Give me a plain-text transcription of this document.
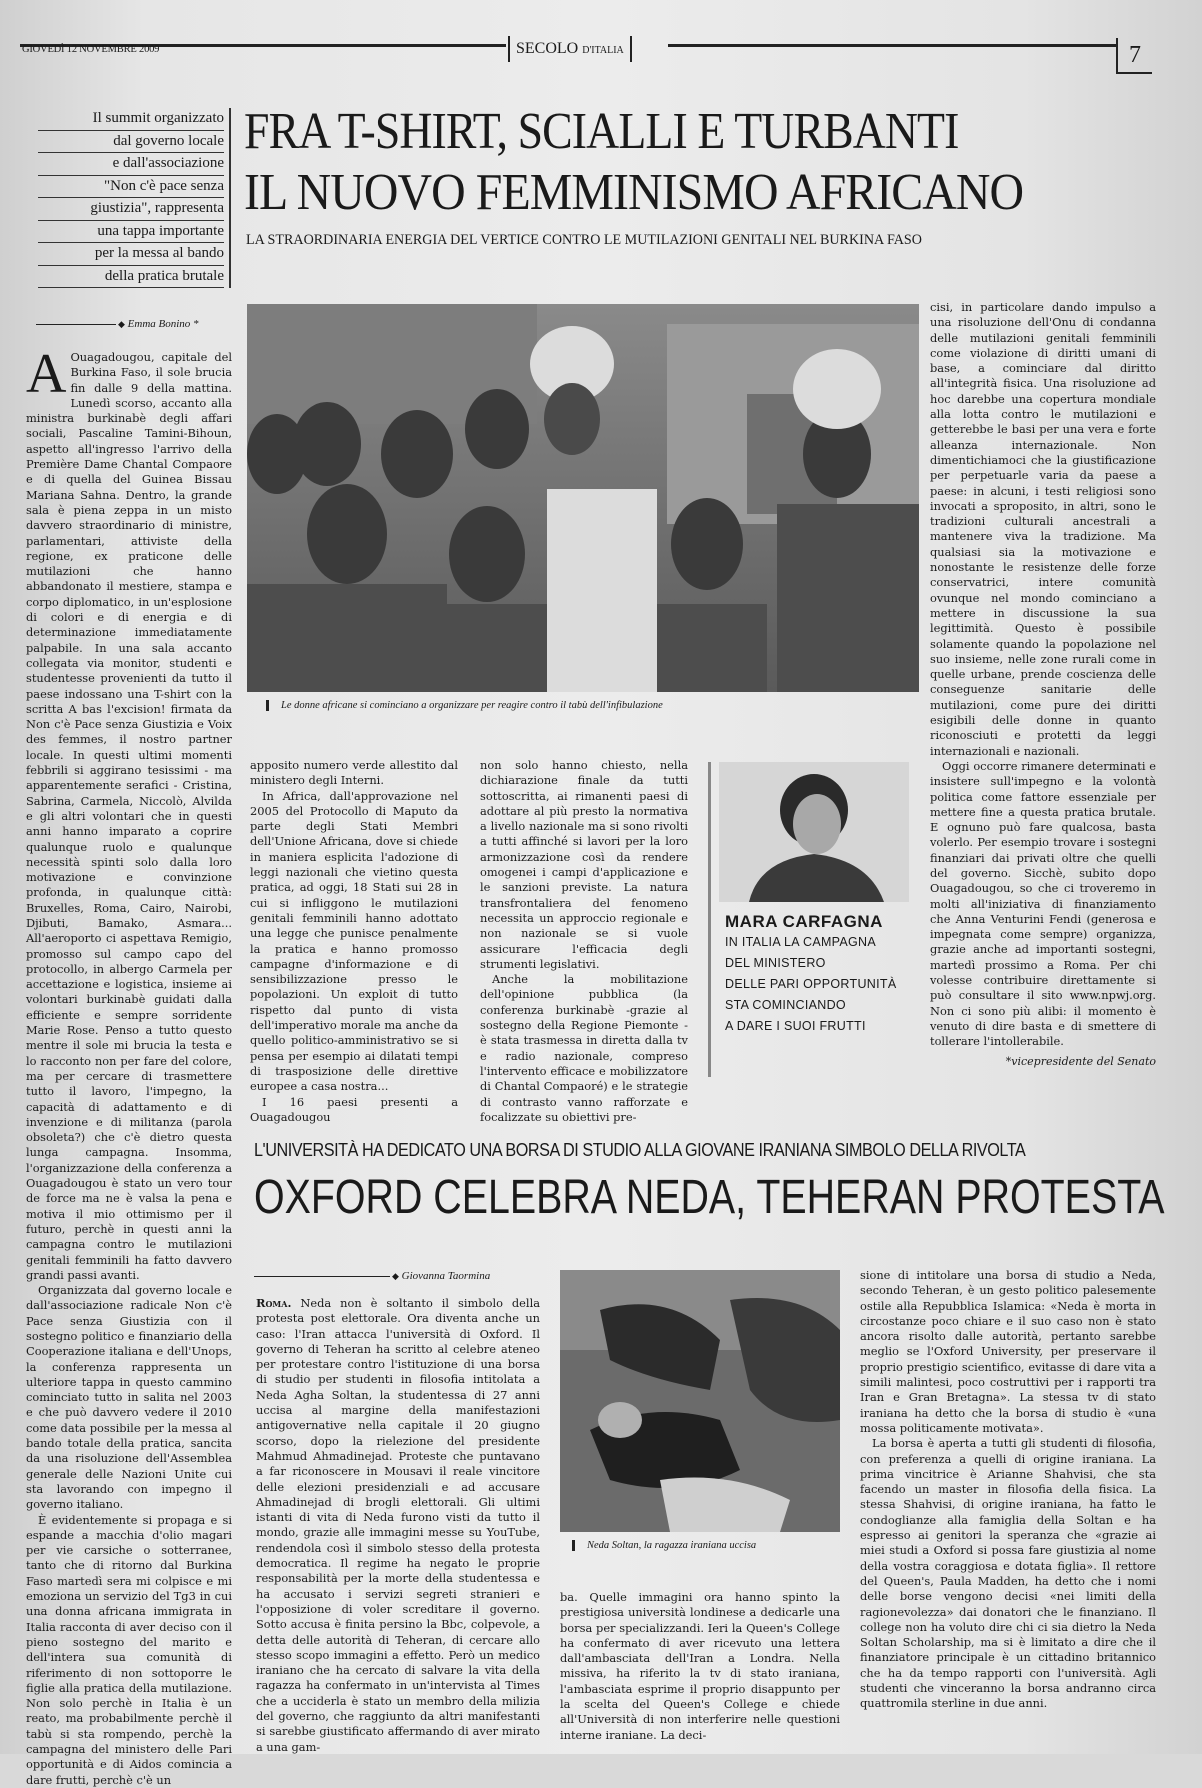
GIOVEDÌ 12 NOVEMBRE 2009	SECOLO D'ITALIA	7
Il summit organizzato
dal governo locale
e dall'associazione
"Non c'è pace senza
giustizia", rappresenta
una tappa importante
per la messa al bando
della pratica brutale
◆ Emma Bonino *
FRA T-SHIRT, SCIALLI E TURBANTI
IL NUOVO FEMMINISMO AFRICANO
LA STRAORDINARIA ENERGIA DEL VERTICE CONTRO LE MUTILAZIONI GENITALI NEL BURKINA FASO
Le donne africane si cominciano a organizzare per reagire contro il tabù dell'infibulazione

A Ouagadougou, capitale del Burkina Faso, il sole brucia fin dalle 9 della mattina. Lunedì scorso, accanto alla ministra burkinabè degli affari sociali, Pascaline Tamini-Bihoun, aspetto all'ingresso l'arrivo della Première Dame Chantal Compaore e di quella del Guinea Bissau Mariana Sahna. Dentro, la grande sala è piena zeppa in un misto davvero straordinario di ministre, parlamentari, attiviste della regione, ex praticone delle mutilazioni che hanno abbandonato il mestiere, stampa e corpo diplomatico, in un'esplosione di colori e di energia e di determinazione immediatamente palpabile. In una sala accanto collegata via monitor, studenti e studentesse provenienti da tutto il paese indossano una T-shirt con la scritta A bas l'excision! firmata da Non c'è Pace senza Giustizia e Voix des femmes, il nostro partner locale. In questi ultimi momenti febbrili si aggirano tesissimi - ma apparentemente serafici - Cristina, Sabrina, Carmela, Niccolò, Alvilda e gli altri volontari che in questi anni hanno imparato a coprire qualunque ruolo e qualunque necessità spinti solo dalla loro motivazione e convinzione profonda, in qualunque città: Bruxelles, Roma, Cairo, Nairobi, Djibuti, Bamako, Asmara... All'aeroporto ci aspettava Remigio, promosso sul campo capo del protocollo, in albergo Carmela per accettazione e logistica, insieme ai volontari burkinabè guidati dalla efficiente e sempre sorridente Marie Rose. Penso a tutto questo mentre il sole mi brucia la testa e lo racconto non per fare del colore, ma per cercare di trasmettere tutto il lavoro, l'impegno, la capacità di adattamento e di invenzione e di militanza (parola obsoleta?) che c'è dietro questa lunga campagna. Insomma, l'organizzazione della conferenza a Ouagadougou è stato un vero tour de force ma ne è valsa la pena e motiva il mio ottimismo per il futuro, perchè in questi anni la campagna contro le mutilazioni genitali femminili ha fatto davvero grandi passi avanti.

Organizzata dal governo locale e dall'associazione radicale Non c'è Pace senza Giustizia con il sostegno politico e finanziario della Cooperazione italiana e dell'Unops, la conferenza rappresenta un ulteriore tappa in questo cammino cominciato tutto in salita nel 2003 e che può davvero vedere il 2010 come data possibile per la messa al bando totale della pratica, sancita da una risoluzione dell'Assemblea generale delle Nazioni Unite cui sta lavorando con impegno il governo italiano.

È evidentemente si propaga e si espande a macchia d'olio magari per vie carsiche o sotterranee, tanto che di ritorno dal Burkina Faso martedì sera mi colpisce e mi emoziona un servizio del Tg3 in cui una donna africana immigrata in Italia racconta di aver deciso con il pieno sostegno del marito e dell'intera sua comunità di riferimento di non sottoporre le figlie alla pratica della mutilazione. Non solo perchè in Italia è un reato, ma probabilmente perchè il tabù si sta rompendo, perchè la campagna del ministero delle Pari opportunità e di Aidos comincia a dare frutti, perchè c'è un

apposito numero verde allestito dal ministero degli Interni.

In Africa, dall'approvazione nel 2005 del Protocollo di Maputo da parte degli Stati Membri dell'Unione Africana, dove si chiede in maniera esplicita l'adozione di leggi nazionali che vietino questa pratica, ad oggi, 18 Stati sui 28 in cui si infliggono le mutilazioni genitali femminili hanno adottato una legge che punisce penalmente la pratica e hanno promosso campagne d'informazione e di sensibilizzazione presso le popolazioni. Un exploit di tutto rispetto dal punto di vista dell'imperativo morale ma anche da quello politico-amministrativo se si pensa per esempio ai dilatati tempi di trasposizione delle direttive europee a casa nostra...

I 16 paesi presenti a Ouagadougou

non solo hanno chiesto, nella dichiarazione finale da tutti sottoscritta, ai rimanenti paesi di adottare al più presto la normativa a livello nazionale ma si sono rivolti a tutti affinché si lavori per la loro armonizzazione così da rendere omogenei i campi d'applicazione e le sanzioni previste. La natura transfrontaliera del fenomeno necessita un approccio regionale e non nazionale se si vuole assicurare l'efficacia degli strumenti legislativi.

Anche la mobilitazione dell'opinione pubblica (la conferenza burkinabè -grazie al sostegno della Regione Piemonte - è stata trasmessa in diretta dalla tv e radio nazionale, compreso l'intervento efficace e mobilizzatore di Chantal Compaoré) e le strategie di contrasto vanno rafforzate e focalizzate su obiettivi pre-

MARA CARFAGNA
IN ITALIA LA CAMPAGNA
DEL MINISTERO
DELLE PARI OPPORTUNITÀ
STA COMINCIANDO
A DARE I SUOI FRUTTI

cisi, in particolare dando impulso a una risoluzione dell'Onu di condanna delle mutilazioni genitali femminili come violazione di diritti umani di base, a cominciare dal diritto all'integrità fisica. Una risoluzione ad hoc darebbe una copertura mondiale alla lotta contro le mutilazioni e getterebbe le basi per una vera e forte alleanza internazionale. Non dimentichiamoci che la giustificazione per perpetuarle varia da paese a paese: in alcuni, i testi religiosi sono invocati a sproposito, in altri, sono le tradizioni culturali ancestrali a mantenere viva la tradizione. Ma qualsiasi sia la motivazione e nonostante le resistenze delle forze conservatrici, intere comunità ovunque nel mondo cominciano a mettere in discussione la sua legittimità. Questo è possibile solamente quando la popolazione nel suo insieme, nelle zone rurali come in quelle urbane, prende coscienza delle conseguenze sanitarie delle mutilazioni, come pure dei diritti esigibili delle donne in quanto riconosciuti e protetti da leggi internazionali e nazionali.

Oggi occorre rimanere determinati e insistere sull'impegno e la volontà politica come fattore essenziale per mettere fine a questa pratica brutale. E ognuno può fare qualcosa, basta volerlo. Per esempio trovare i sostegni finanziari dai privati oltre che quelli del governo. Sicchè, subito dopo Ouagadougou, so che ci troveremo in molti all'iniziativa di finanziamento che Anna Venturini Fendi (generosa e impegnata come sempre) organizza, grazie anche ad importanti sostegni, martedì prossimo a Roma. Per chi volesse contribuire direttamente si può consultare il sito www.npwj.org. Non ci sono più alibi: il momento è venuto di dire basta e di smettere di tollerare l'intollerabile.

*vicepresidente del Senato
L'UNIVERSITÀ HA DEDICATO UNA BORSA DI STUDIO ALLA GIOVANE IRANIANA SIMBOLO DELLA RIVOLTA
OXFORD CELEBRA NEDA, TEHERAN PROTESTA
◆ Giovanna Taormina

Roma. Neda non è soltanto il simbolo della protesta post elettorale. Ora diventa anche un caso: l'Iran attacca l'università di Oxford. Il governo di Teheran ha scritto al celebre ateneo per protestare contro l'istituzione di una borsa di studio per studenti in filosofia intitolata a Neda Agha Soltan, la studentessa di 27 anni uccisa al margine della manifestazioni antigovernative nella capitale il 20 giugno scorso, dopo la rielezione del presidente Mahmud Ahmadinejad. Proteste che puntavano a far riconoscere in Mousavi il reale vincitore delle elezioni presidenziali e ad accusare Ahmadinejad di brogli elettorali. Gli ultimi istanti di vita di Neda furono visti da tutto il mondo, grazie alle immagini messe su YouTube, rendendola così il simbolo stesso della protesta democratica. Il regime ha negato le proprie responsabilità per la morte della studentessa e ha accusato i servizi segreti stranieri e l'opposizione di voler screditare il governo. Sotto accusa è finita persino la Bbc, colpevole, a detta delle autorità di Teheran, di cercare allo stesso scopo immagini a effetto. Però un medico iraniano che ha cercato di salvare la vita della ragazza ha confermato in un'intervista al Times che a ucciderla è stato un membro della milizia del governo, che raggiunto da altri manifestanti si sarebbe giustificato affermando di aver mirato a una gam-

Neda Soltan, la ragazza iraniana uccisa

ba. Quelle immagini ora hanno spinto la prestigiosa università londinese a dedicarle una borsa per specializzandi. Ieri la Queen's College ha confermato di aver ricevuto una lettera dall'ambasciata dell'Iran a Londra. Nella missiva, ha riferito la tv di stato iraniana, l'ambasciata esprime il proprio disappunto per la scelta del Queen's College e chiede all'Università di non interferire nelle questioni interne iraniane. La deci-

sione di intitolare una borsa di studio a Neda, secondo Teheran, è un gesto politico palesemente ostile alla Repubblica Islamica: «Neda è morta in circostanze poco chiare e il suo caso non è stato ancora risolto dalle autorità, pertanto sarebbe meglio se l'Oxford University, per preservare il proprio prestigio scientifico, evitasse di dare vita a simili malintesi, poco costruttivi per i rapporti tra Iran e Gran Bretagna». La stessa tv di stato iraniana ha detto che la borsa di studio è «una mossa politicamente motivata».

La borsa è aperta a tutti gli studenti di filosofia, con preferenza a quelli di origine iraniana. La prima vincitrice è Arianne Shahvisi, che sta facendo un master in filosofia della fisica. La stessa Shahvisi, di origine iraniana, ha fatto le condoglianze alla famiglia della Soltan e ha espresso ai genitori la speranza che «grazie ai miei studi a Oxford si possa fare giustizia al nome della vostra coraggiosa e dotata figlia». Il rettore del Queen's, Paula Madden, ha detto che i nomi delle borse vengono decisi «nei limiti della ragionevolezza» dai donatori che le finanziano. Il college non ha voluto dire chi ci sia dietro la Neda Soltan Scholarship, ma si è limitato a dire che il finanziatore principale è un cittadino britannico che ha da tempo rapporti con l'università. Agli studenti che vinceranno la borsa andranno circa quattromila sterline in due anni.
